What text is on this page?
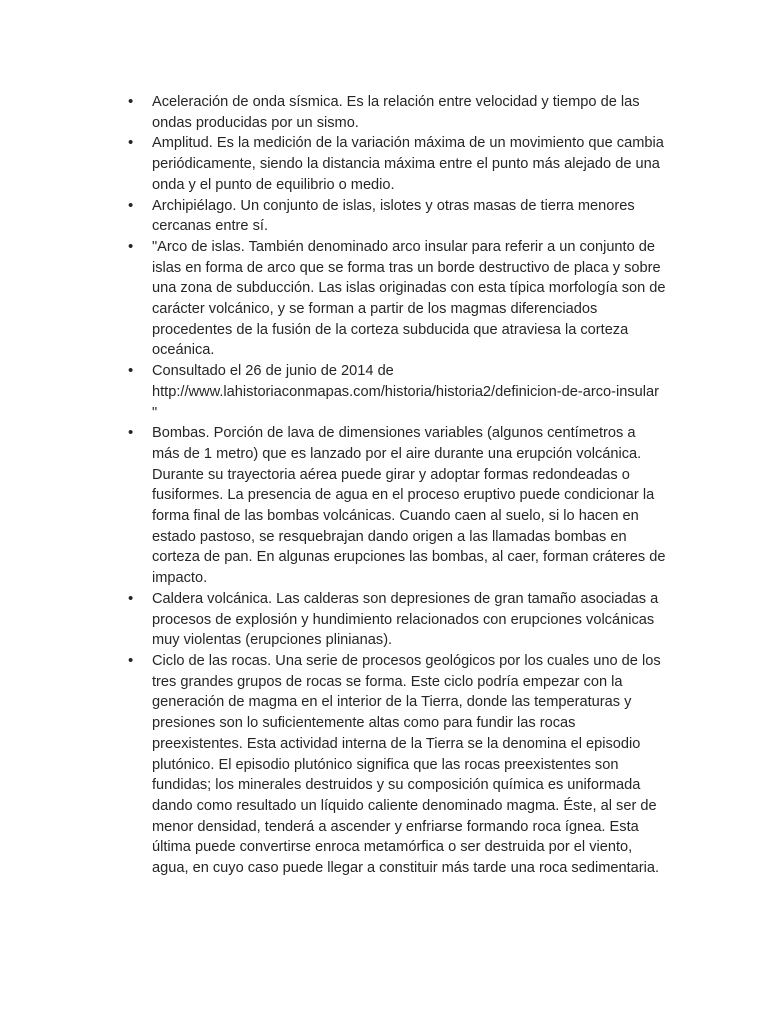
• Aceleración de onda sísmica. Es la relación entre velocidad y tiempo de las ondas producidas por un sismo.
• Amplitud. Es la medición de la variación máxima de un movimiento que cambia periódicamente, siendo la distancia máxima entre el punto más alejado de una onda y el punto de equilibrio o medio.
• Archipiélago. Un conjunto de islas, islotes y otras masas de tierra menores cercanas entre sí.
• "Arco de islas. También denominado arco insular para referir a un conjunto de islas en forma de arco que se forma tras un borde destructivo de placa y sobre una zona de subducción. Las islas originadas con esta típica morfología son de carácter volcánico, y se forman a partir de los magmas diferenciados procedentes de la fusión de la corteza subducida que atraviesa la corteza oceánica.
• Consultado el 26 de junio de 2014 de http://www.lahistoriaconmapas.com/historia/historia2/definicion-de-arco-insular "
• Bombas. Porción de lava de dimensiones variables (algunos centímetros a más de 1 metro) que es lanzado por el aire durante una erupción volcánica. Durante su trayectoria aérea puede girar y adoptar formas redondeadas o fusiformes. La presencia de agua en el proceso eruptivo puede condicionar la forma final de las bombas volcánicas. Cuando caen al suelo, si lo hacen en estado pastoso, se resquebrajan dando origen a las llamadas bombas en corteza de pan. En algunas erupciones las bombas, al caer, forman cráteres de impacto.
• Caldera volcánica. Las calderas son depresiones de gran tamaño asociadas a procesos de explosión y hundimiento relacionados con erupciones volcánicas muy violentas (erupciones plinianas).
• Ciclo de las rocas. Una serie de procesos geológicos por los cuales uno de los tres grandes grupos de rocas se forma. Este ciclo podría empezar con la generación de magma en el interior de la Tierra, donde las temperaturas y presiones son lo suficientemente altas como para fundir las rocas preexistentes. Esta actividad interna de la Tierra se la denomina el episodio plutónico. El episodio plutónico significa que las rocas preexistentes son fundidas; los minerales destruidos y su composición química es uniformada dando como resultado un líquido caliente denominado magma. Éste, al ser de menor densidad, tenderá a ascender y enfriarse formando roca ígnea. Esta última puede convertirse enroca metamórfica o ser destruida por el viento, agua, en cuyo caso puede llegar a constituir más tarde una roca sedimentaria.
